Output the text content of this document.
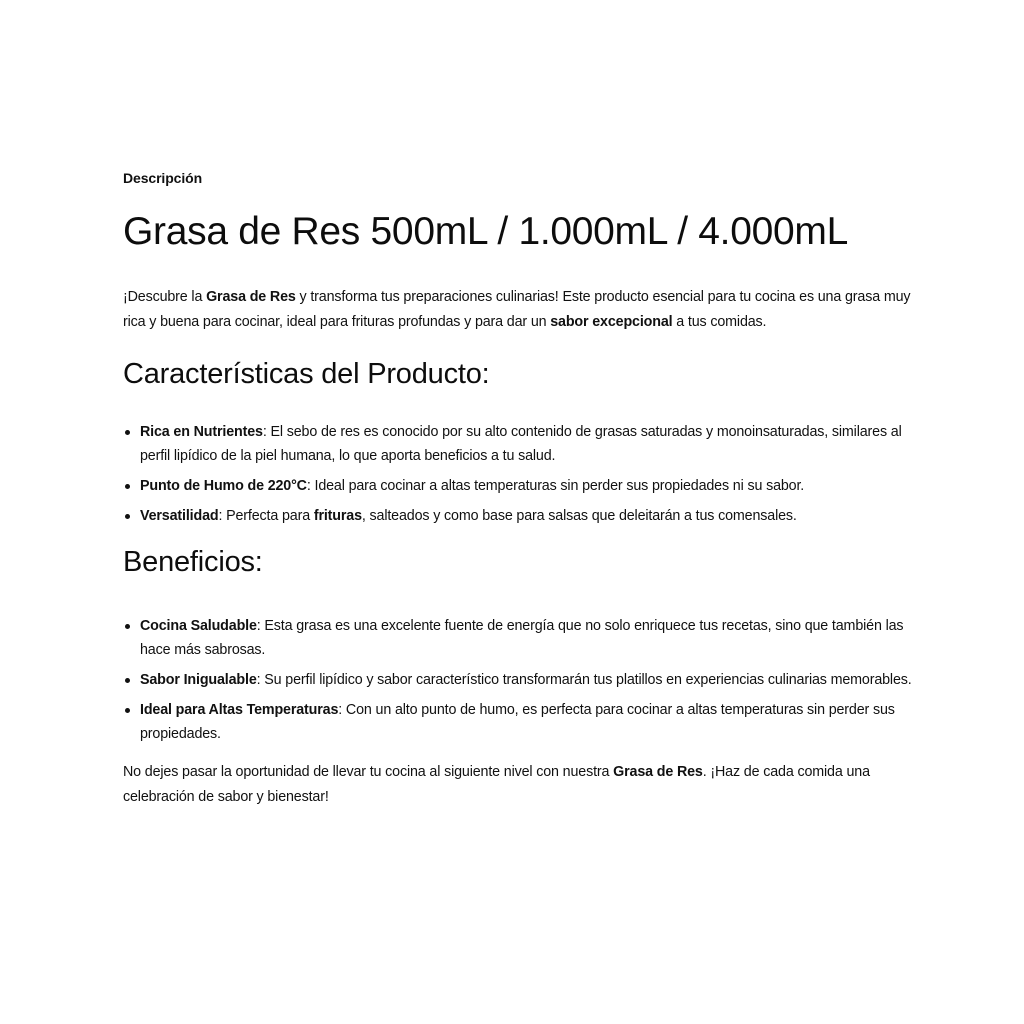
Descripción
Grasa de Res 500mL / 1.000mL / 4.000mL

¡Descubre la Grasa de Res y transforma tus preparaciones culinarias! Este producto esencial para tu cocina es una grasa muy rica y buena para cocinar, ideal para frituras profundas y para dar un sabor excepcional a tus comidas.

Características del Producto:
Rica en Nutrientes: El sebo de res es conocido por su alto contenido de grasas saturadas y monoinsaturadas, similares al perfil lipídico de la piel humana, lo que aporta beneficios a tu salud.
Punto de Humo de 220°C: Ideal para cocinar a altas temperaturas sin perder sus propiedades ni su sabor.
Versatilidad: Perfecta para frituras, salteados y como base para salsas que deleitarán a tus comensales.
Beneficios:
Cocina Saludable: Esta grasa es una excelente fuente de energía que no solo enriquece tus recetas, sino que también las hace más sabrosas.
Sabor Inigualable: Su perfil lipídico y sabor característico transformarán tus platillos en experiencias culinarias memorables.
Ideal para Altas Temperaturas: Con un alto punto de humo, es perfecta para cocinar a altas temperaturas sin perder sus propiedades.

No dejes pasar la oportunidad de llevar tu cocina al siguiente nivel con nuestra Grasa de Res. ¡Haz de cada comida una celebración de sabor y bienestar!
